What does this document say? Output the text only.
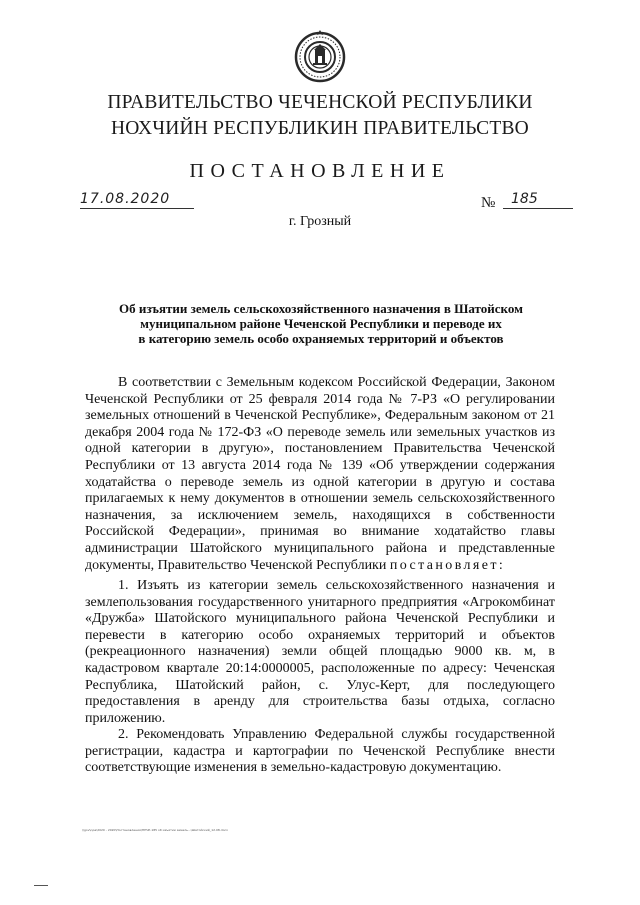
ПРАВИТЕЛЬСТВО ЧЕЧЕНСКОЙ РЕСПУБЛИКИ
НОХЧИЙН РЕСПУБЛИКИН ПРАВИТЕЛЬСТВО
ПОСТАНОВЛЕНИЕ
17.08.2020	№	185
г. Грозный
Об изъятии земель сельскохозяйственного назначения в Шатойском
муниципальном районе Чеченской Республики и переводе их
в категорию земель особо охраняемых территорий и объектов
В соответствии с Земельным кодексом Российской Федерации, Законом Чеченской Республики от 25 февраля 2014 года № 7-РЗ «О регулировании земельных отношений в Чеченской Республике», Федеральным законом от 21 декабря 2004 года № 172-ФЗ «О переводе земель или земельных участков из одной категории в другую», постановлением Правительства Чеченской Республики от 13 августа 2014 года № 139 «Об утверждении содержания ходатайства о переводе земель из одной категории в другую и состава прилагаемых к нему документов в отношении земель сельскохозяйственного назначения, за исключением земель, находящихся в собственности Российской Федерации», принимая во внимание ходатайство главы администрации Шатойского муниципального района и представленные документы, Правительство Чеченской Республики постановляет:
1. Изъять из категории земель сельскохозяйственного назначения и землепользования государственного унитарного предприятия «Агрокомбинат «Дружба» Шатойского муниципального района Чеченской Республики и перевести в категорию особо охраняемых территорий и объектов (рекреационного назначения) земли общей площадью 9000 кв. м, в кадастровом квартале 20:14:0000005, расположенные по адресу: Чеченская Республика, Шатойский район, с. Улус-Керт, для последующего предоставления в аренду для строительства базы отдыха, согласно приложению.
2. Рекомендовать Управлению Федеральной службы государственной регистрации, кадастра и картографии по Чеченской Республике внести соответствующие изменения в земельно-кадастровую документацию.
\\gov\npa\2020 - 2020\Постановления\ППЧР-185 об изъятии земель...\Шатойский_12.08.docx
